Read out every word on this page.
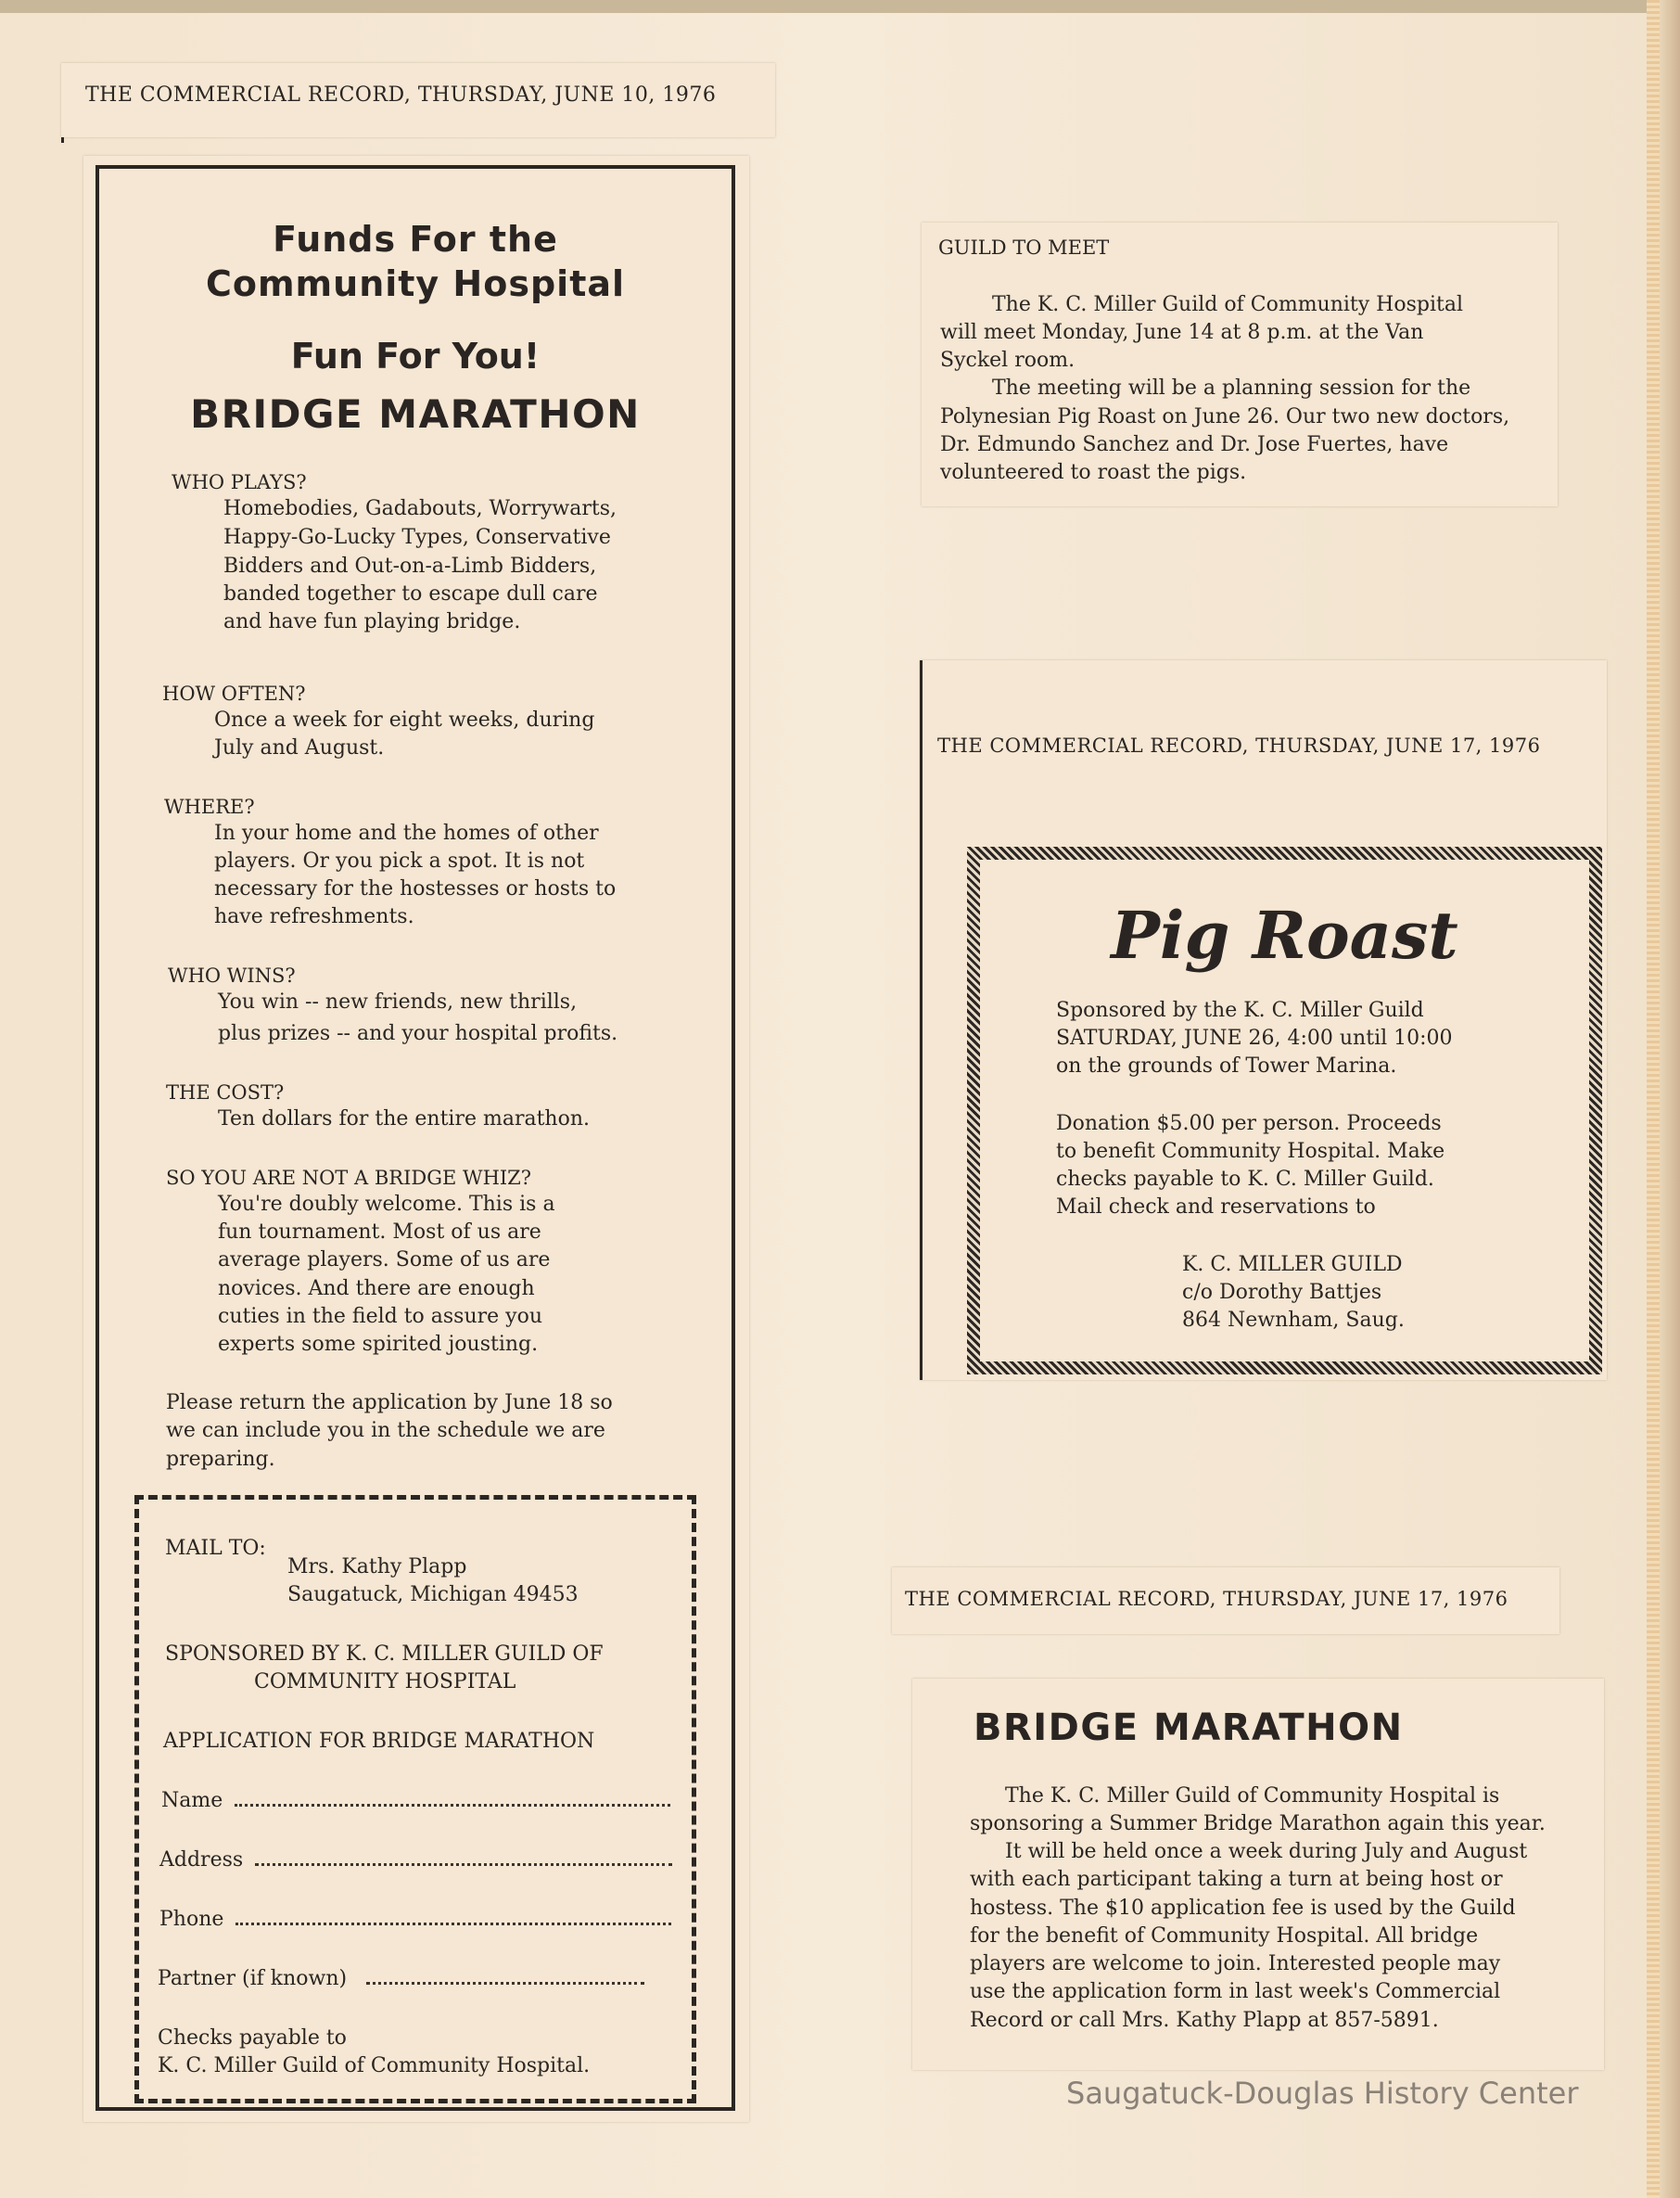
THE COMMERCIAL RECORD, THURSDAY, JUNE 10, 1976
Funds For the
Community Hospital
Fun For You!
BRIDGE MARATHON
WHO PLAYS?
Homebodies, Gadabouts, Worrywarts,
Happy-Go-Lucky Types, Conservative
Bidders and Out-on-a-Limb Bidders,
banded together to escape dull care
and have fun playing bridge.
HOW OFTEN?
Once a week for eight weeks, during
July and August.
WHERE?
In your home and the homes of other
players. Or you pick a spot. It is not
necessary for the hostesses or hosts to
have refreshments.
WHO WINS?
You win -- new friends, new thrills,
plus prizes -- and your hospital profits.
THE COST?
Ten dollars for the entire marathon.
SO YOU ARE NOT A BRIDGE WHIZ?
You're doubly welcome. This is a
fun tournament. Most of us are
average players. Some of us are
novices. And there are enough
cuties in the field to assure you
experts some spirited jousting.
Please return the application by June 18 so
we can include you in the schedule we are
preparing.
MAIL TO:
Mrs. Kathy Plapp
Saugatuck, Michigan 49453
SPONSORED BY K. C. MILLER GUILD OF
COMMUNITY HOSPITAL
APPLICATION FOR BRIDGE MARATHON
Name
Address
Phone
Partner (if known)
Checks payable to
K. C. Miller Guild of Community Hospital.
GUILD TO MEET
The K. C. Miller Guild of Community Hospital
will meet Monday, June 14 at 8 p.m. at the Van
Syckel room.
The meeting will be a planning session for the
Polynesian Pig Roast on June 26. Our two new doctors,
Dr. Edmundo Sanchez and Dr. Jose Fuertes, have
volunteered to roast the pigs.
THE COMMERCIAL RECORD, THURSDAY, JUNE 17, 1976
Pig Roast
Sponsored by the K. C. Miller Guild
SATURDAY, JUNE 26, 4:00 until 10:00
on the grounds of Tower Marina.
Donation $5.00 per person. Proceeds
to benefit Community Hospital. Make
checks payable to K. C. Miller Guild.
Mail check and reservations to
K. C. MILLER GUILD
c/o Dorothy Battjes
864 Newnham, Saug.
THE COMMERCIAL RECORD, THURSDAY, JUNE 17, 1976
BRIDGE MARATHON
The K. C. Miller Guild of Community Hospital is
sponsoring a Summer Bridge Marathon again this year.
It will be held once a week during July and August
with each participant taking a turn at being host or
hostess. The $10 application fee is used by the Guild
for the benefit of Community Hospital. All bridge
players are welcome to join. Interested people may
use the application form in last week's Commercial
Record or call Mrs. Kathy Plapp at 857-5891.
Saugatuck-Douglas History Center
